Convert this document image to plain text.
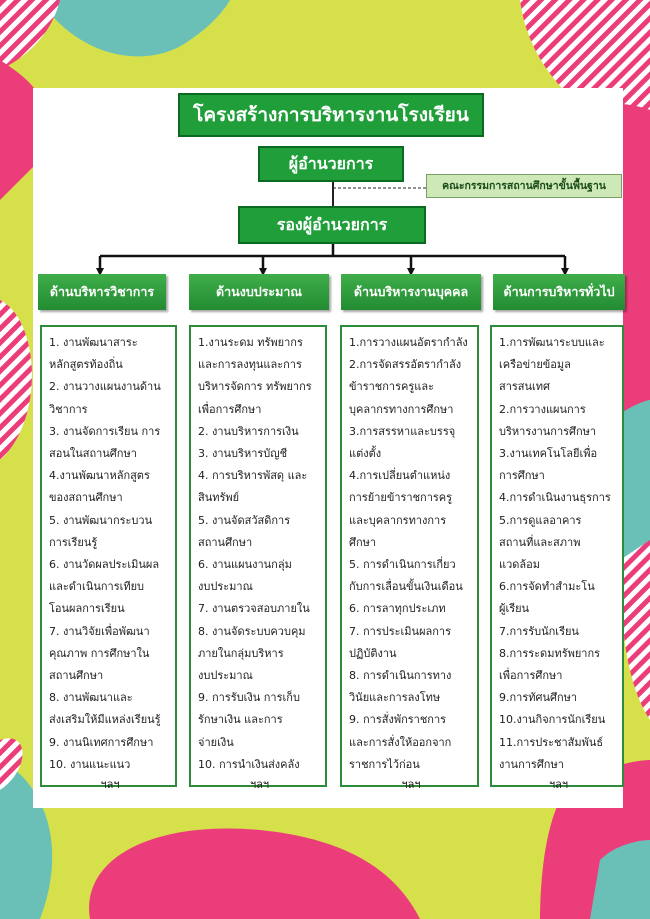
โครงสร้างการบริหารงานโรงเรียน
ผู้อำนวยการ
คณะกรรมการสถานศึกษาขั้นพื้นฐาน
รองผู้อำนวยการ
ด้านบริหารวิชาการ	ด้านงบประมาณ	ด้านบริหารงานบุคคล	ด้านการบริหารทั่วไป
1. งานพัฒนาสาระ
หลักสูตรท้องถิ่น
2. งานวางแผนงานด้าน
วิชาการ
3. งานจัดการเรียน การ
สอนในสถานศึกษา
4.งานพัฒนาหลักสูตร
ของสถานศึกษา
5. งานพัฒนากระบวน
การเรียนรู้
6. งานวัดผลประเมินผล
และดำเนินการเทียบ
โอนผลการเรียน
7. งานวิจัยเพื่อพัฒนา
คุณภาพ การศึกษาใน
สถานศึกษา
8. งานพัฒนาและ
ส่งเสริมให้มีแหล่งเรียนรู้
9. งานนิเทศการศึกษา
10. งานแนะแนว
ฯลฯ
1.งานระดม ทรัพยากร
และการลงทุนและการ
บริหารจัดการ ทรัพยากร
เพื่อการศึกษา
2. งานบริหารการเงิน
3. งานบริหารบัญชี
4. การบริหารพัสดุ และ
สินทรัพย์
5. งานจัดสวัสดิการ
สถานศึกษา
6. งานแผนงานกลุ่ม
งบประมาณ
7. งานตรวจสอบภายใน
8. งานจัดระบบควบคุม
ภายในกลุ่มบริหาร
งบประมาณ
9. การรับเงิน การเก็บ
รักษาเงิน และการ
จ่ายเงิน
10. การนำเงินส่งคลัง
ฯลฯ
1.การวางแผนอัตรากำลัง
2.การจัดสรรอัตรากำลัง
ข้าราชการครูและ
บุคลากรทางการศึกษา
3.การสรรหาและบรรจุ
แต่งตั้ง
4.การเปลี่ยนตำแหน่ง
การย้ายข้าราชการครู
และบุคลากรทางการ
ศึกษา
5. การดำเนินการเกี่ยว
กับการเลื่อนขั้นเงินเดือน
6. การลาทุกประเภท
7. การประเมินผลการ
ปฏิบัติงาน
8. การดำเนินการทาง
วินัยและการลงโทษ
9. การสั่งพักราชการ
และการสั่งให้ออกจาก
ราชการไว้ก่อน
ฯลฯ
1.การพัฒนาระบบและ
เครือข่ายข้อมูล
สารสนเทศ
2.การวางแผนการ
บริหารงานการศึกษา
3.งานเทคโนโลยีเพื่อ
การศึกษา
4.การดำเนินงานธุรการ
5.การดูแลอาคาร
สถานที่และสภาพ
แวดล้อม
6.การจัดทำสำมะโน
ผู้เรียน
7.การรับนักเรียน
8.การระดมทรัพยากร
เพื่อการศึกษา
9.การทัศนศึกษา
10.งานกิจการนักเรียน
11.การประชาสัมพันธ์
งานการศึกษา
ฯลฯ
